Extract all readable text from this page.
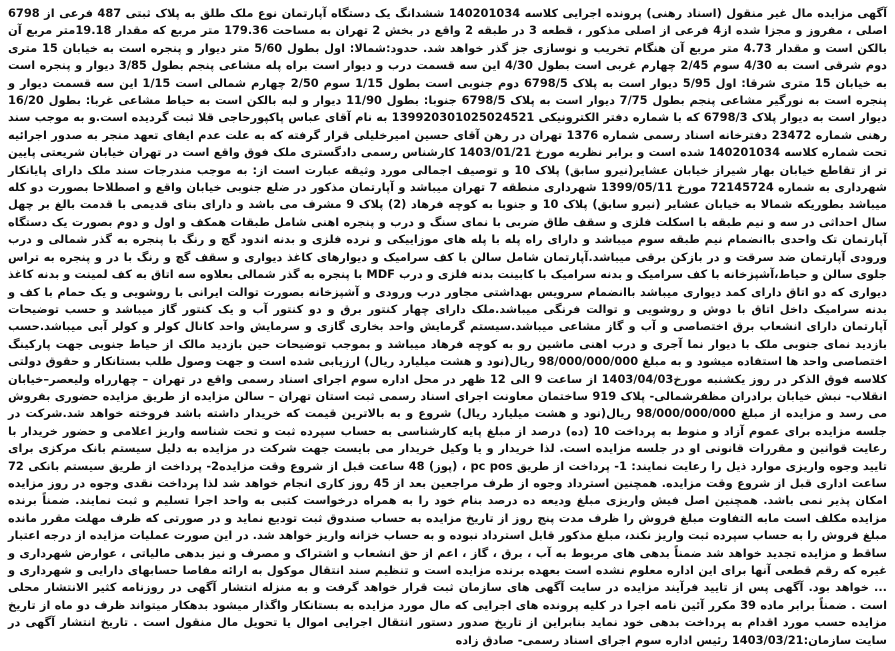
آگهی مزایده مال غیر منقول (اسناد رهنی) پرونده اجرایی کلاسه 140201034 ششدانگ یک دستگاه آپارتمان نوع ملک طلق به پلاک ثبتی 487 فرعی از 6798 اصلی ، مفروز و مجزا شده از4 فرعی از اصلی مذکور ، قطعه 3 در طبقه 2 واقع در بخش 2 تهران به مساحت 179.36 متر مربع که مقدار 19.18متر مربع آن بالکن است و مقدار 4.73 متر مربع آن هنگام تخریب و نوسازی جز گذر خواهد شد. حدود:شمالا: اول بطول 5/60 متر دیوار و پنجره است به خیابان 15 متری دوم شرقی است به 4/30 سوم 2/45 چهارم غربی است بطول 4/30 این سه قسمت درب و دیوار است براه پله مشاعی پنجم بطول 3/85 دیوار و پنجره است به خیابان 15 متری شرقا: اول 5/95 دیوار است به پلاک 6798/5 دوم جنوبی است بطول 1/15 سوم 2/50 چهارم شمالی است 1/15 این سه قسمت دیوار و پنجره است به نورگیر مشاعی پنجم بطول 7/75 دیوار است به پلاک 6798/5 جنوبا: بطول 11/90 دیوار و لبه بالکن است به حیاط مشاعی غربا: بطول 16/20 دیوار است به دیوار پلاک 6798/3 که با شماره دفتر الکترونیکی 139920301025024521 به نام آقای عباس پاکپورحاجی قلا ثبت گردیده است.و به موجب سند رهنی شماره 23472 دفترخانه اسناد رسمی شماره 1376 تهران در رهن آقای حسین امیرخلیلی قرار گرفته که به علت عدم ایفای تعهد منجر به صدور اجرائیه تحت شماره کلاسه 140201034 شده است و برابر نظریه مورخ 1403/01/21 کارشناس رسمی دادگستری ملک فوق واقع است در تهران خیابان شریعتی پایین تر از تقاطع خیابان بهار شیراز خیابان عشایر(نیرو سابق) پلاک 10 و توصیف اجمالی مورد وثیقه عبارت است از: به موجب مندرجات سند ملک دارای پایانکار شهرداری به شماره 72145724 مورخ 1399/05/11 شهرداری منطقه 7 تهران میباشد و آپارتمان مذکور در ضلع جنوبی خیابان واقع و اصطلاحا بصورت دو کله میباشد بطوریکه شمالا به خیابان عشایر (نیرو سابق) پلاک 10 و جنوبا به کوچه فرهاد (2) پلاک 9 مشرف می باشد و دارای بنای قدیمی با قدمت بالغ بر چهل سال احداثی در سه و نیم طبقه با اسکلت فلزی و سقف طاق ضربی با نمای سنگ و درب و پنجره اهنی شامل طبقات همکف و اول و دوم بصورت یک دستگاه آپارتمان تک واحدی باانضمام نیم طبقه سوم میباشد و دارای راه پله با پله های موزاییکی و نرده فلزی و بدنه اندود گچ و رنگ با پنجره به گذر شمالی و درب ورودی آپارتمان ضد سرقت و در بازکن برقی میباشد.آپارتمان شامل سالن با کف سرامیک و دیوارهای کاغذ دیواری و سقف گچ و رنگ با در و پنجره به تراس جلوی سالن و حیاط،آشپزخانه با کف سرامیک و بدنه سرامیک با کابینت بدنه فلزی و درب MDF با پنجره به گذر شمالی بعلاوه سه اتاق به کف لمینت و بدنه کاغذ دیواری که دو اتاق دارای کمد دیواری میباشد باانضمام سرویس بهداشتی مجاور درب ورودی و آشپزخانه بصورت توالت ایرانی با روشویی و یک حمام با کف و بدنه سرامیک داخل اتاق با دوش و روشویی و توالت فرنگی میباشد.ملک دارای چهار کنتور برق و دو کنتور آب و یک کنتور گاز میباشد و حسب توضیحات آپارتمان دارای انشعاب برق اختصاصی و آب و گاز مشاعی میباشد.سیستم گرمایش واحد بخاری گازی و سرمایش واحد کانال کولر و کولر آبی میباشد.حسب بازدید نمای جنوبی ملک با دیوار نما آجری و درب اهنی ماشین رو به کوچه فرهاد میباشد و بموجب توضیحات حین بازدید مالک از حیاط جنوبی جهت پارکینگ اختصاصی واحد ها استفاده میشود و به مبلغ 98/000/000/000 ریال(نود و هشت میلیارد ریال) ارزیابی شده است و جهت وصول طلب بستانکار و حقوق دولتی کلاسه فوق الذکر در روز یکشنبه مورخ1403/04/03 از ساعت 9 الی 12 ظهر در محل اداره سوم اجرای اسناد رسمی واقع در تهران – چهارراه ولیعصر–خیابان انقلاب- نبش خیابان برادران مظفرشمالی- پلاک 919 ساختمان معاونت اجرای اسناد رسمی ثبت استان تهران – سالن مزایده از طریق مزایده حضوری بفروش می رسد و مزایده از مبلغ 98/000/000/000 ریال(نود و هشت میلیارد ریال) شروع و به بالاترین قیمت که خریدار داشته باشد فروخته خواهد شد.شرکت در جلسه مزایده برای عموم آزاد و منوط به پرداخت 10 (ده) درصد از مبلغ پایه کارشناسی به حساب سپرده ثبت و تحت شناسه واریز اعلامی و حضور خریدار با رعایت قوانین و مقررات قانونی او در جلسه مزایده است. لذا خریدار و یا وکیل خریدار می بایست جهت شرکت در مزایده به دلیل سیستم بانک مرکزی برای تایید وجوه واریزی موارد ذیل را رعایت نمایند: 1- پرداخت از طریق pc pos ، (پوز) 48 ساعت قبل از شروع وقت مزایده2- پرداخت از طریق سیستم بانکی 72 ساعت اداری قبل از شروع وقت مزایده. همچنین استرداد وجوه از طرف مراجعین بعد از 45 روز کاری انجام خواهد شد لذا پرداخت نقدی وجوه در روز مزایده امکان پذیر نمی باشد. همچنین اصل فیش واریزی مبلغ ودیعه ده درصد بنام خود را به همراه درخواست کتبی به واحد اجرا تسلیم و ثبت نمایند. ضمناً برنده مزایده مکلف است مابه التفاوت مبلغ فروش را ظرف مدت پنج روز از تاریخ مزایده به حساب صندوق ثبت تودیع نماید و در صورتی که ظرف مهلت مقرر مانده مبلغ فروش را به حساب سپرده ثبت واریز نکند، مبلغ مذکور قابل استرداد نبوده و به حساب خزانه واریز خواهد شد. در این صورت عملیات مزایده از درجه اعتبار ساقط و مزایده تجدید خواهد شد ضمناً بدهی های مربوط به آب ، برق ، گاز ، اعم از حق انشعاب و اشتراک و مصرف و نیز بدهی مالیاتی ، عوارض شهرداری و غیره که رقم قطعی آنها برای این اداره معلوم نشده است بعهده برنده مزایده است و تنظیم سند انتقال موکول به ارائه مفاصا حسابهای دارایی و شهرداری و ... خواهد بود. آگهی پس از تایید فرآیند مزایده در سایت آگهی های سازمان ثبت قرار خواهد گرفت و به منزله انتشار آگهی در روزنامه کثیر الانتشار محلی است . ضمناً برابر ماده 39 مکرر آئین نامه اجرا در کلیه پرونده های اجرایی که مال مورد مزایده به بستانکار واگذار میشود بدهکار میتواند ظرف دو ماه از تاریخ مزایده حسب مورد اقدام به پرداخت بدهی خود نماید بنابراین از تاریخ صدور دستور انتقال اجرایی اموال یا تحویل مال منقول است . تاریخ انتشار آگهی در سایت سازمان:1403/03/21 رئیس اداره سوم اجرای اسناد رسمی- صادق زاده
